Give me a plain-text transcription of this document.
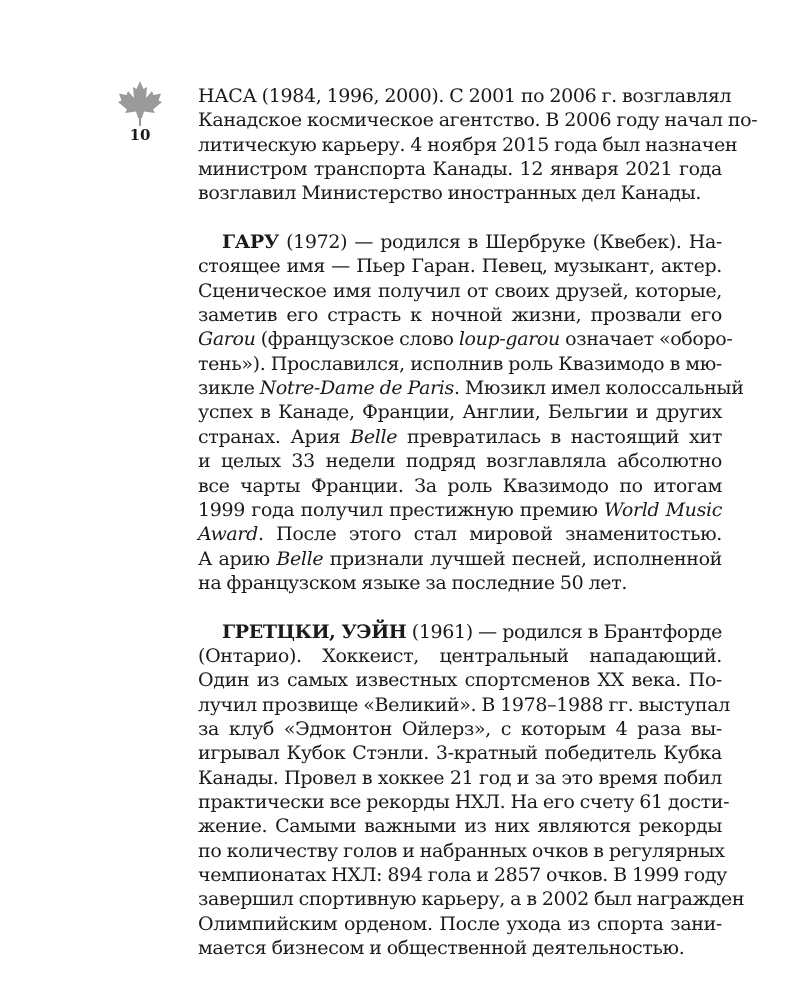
10
НАСА (1984, 1996, 2000). С 2001 по 2006 г. возглавлял
Канадское космическое агентство. В 2006 году начал по-
литическую карьеру. 4 ноября 2015 года был назначен
министром транспорта Канады. 12 января 2021 года
возглавил Министерство иностранных дел Канады.
ГАРУ (1972) — родился в Шербруке (Квебек). На-
стоящее имя — Пьер Гаран. Певец, музыкант, актер.
Сценическое имя получил от своих друзей, которые,
заметив его страсть к ночной жизни, прозвали его
Garou (французское слово loup-garou означает «оборо-
тень»). Прославился, исполнив роль Квазимодо в мю-
зикле Notre-Dame de Paris. Мюзикл имел колоссальный
успех в Канаде, Франции, Англии, Бельгии и других
странах. Ария Belle превратилась в настоящий хит
и целых 33 недели подряд возглавляла абсолютно
все чарты Франции. За роль Квазимодо по итогам
1999 года получил престижную премию World Music
Award. После этого стал мировой знаменитостью.
А арию Belle признали лучшей песней, исполненной
на французском языке за последние 50 лет.
ГРЕТЦКИ, УЭЙН (1961) — родился в Брантфорде
(Онтарио). Хоккеист, центральный нападающий.
Один из самых известных спортсменов XX века. По-
лучил прозвище «Великий». В 1978–1988 гг. выступал
за клуб «Эдмонтон Ойлерз», с которым 4 раза вы-
игрывал Кубок Стэнли. 3-кратный победитель Кубка
Канады. Провел в хоккее 21 год и за это время побил
практически все рекорды НХЛ. На его счету 61 дости-
жение. Самыми важными из них являются рекорды
по количеству голов и набранных очков в регулярных
чемпионатах НХЛ: 894 гола и 2857 очков. В 1999 году
завершил спортивную карьеру, а в 2002 был награжден
Олимпийским орденом. После ухода из спорта зани-
мается бизнесом и общественной деятельностью.
